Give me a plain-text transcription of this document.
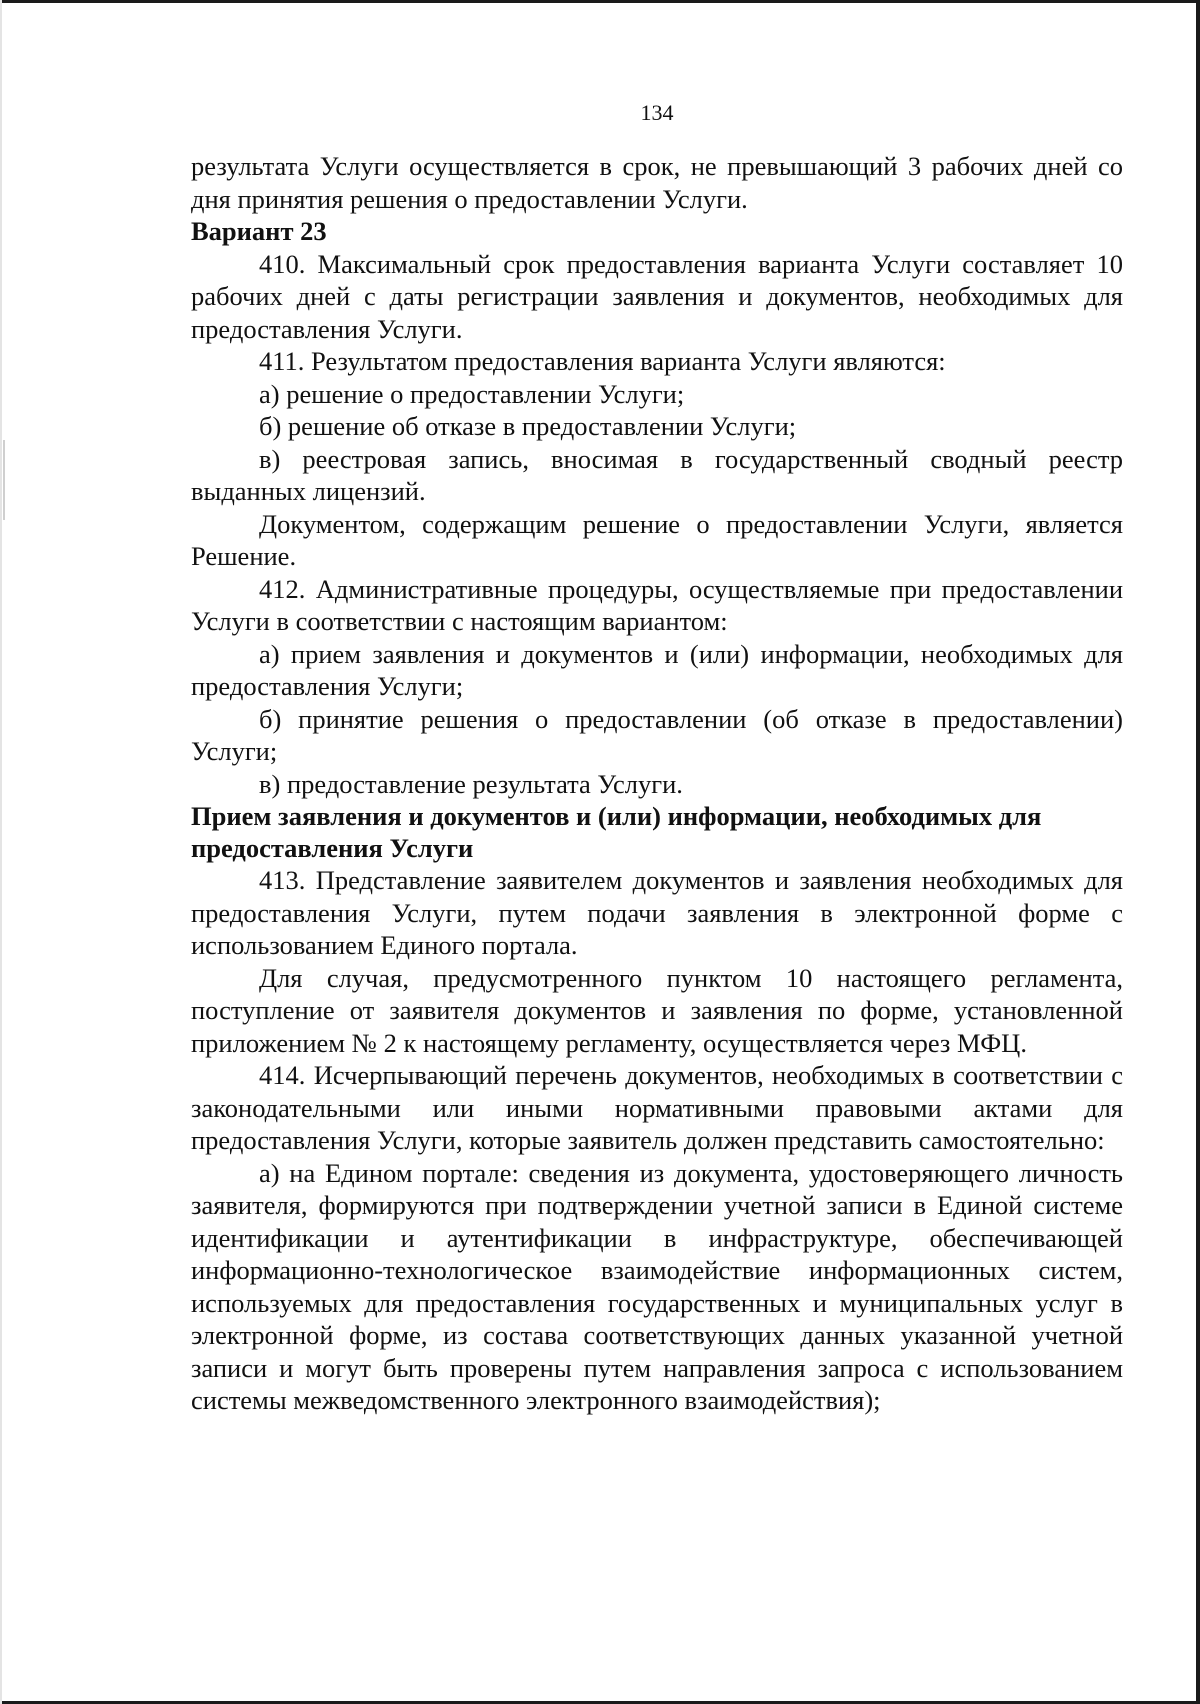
134

результата Услуги осуществляется в срок, не превышающий 3 рабочих дней со дня принятия решения о предоставлении Услуги.

Вариант 23

410. Максимальный срок предоставления варианта Услуги составляет 10 рабочих дней с даты регистрации заявления и документов, необходимых для предоставления Услуги.

411. Результатом предоставления варианта Услуги являются:

а) решение о предоставлении Услуги;

б) решение об отказе в предоставлении Услуги;

в) реестровая запись, вносимая в государственный сводный реестр выданных лицензий.

Документом, содержащим решение о предоставлении Услуги, является Решение.

412. Административные процедуры, осуществляемые при предоставлении Услуги в соответствии с настоящим вариантом:

а) прием заявления и документов и (или) информации, необходимых для предоставления Услуги;

б) принятие решения о предоставлении (об отказе в предоставлении) Услуги;

в) предоставление результата Услуги.

Прием заявления и документов и (или) информации, необходимых для
предоставления Услуги

413. Представление заявителем документов и заявления необходимых для предоставления Услуги, путем подачи заявления в электронной форме с использованием Единого портала.

Для случая, предусмотренного пунктом 10 настоящего регламента, поступление от заявителя документов и заявления по форме, установленной приложением № 2 к настоящему регламенту, осуществляется через МФЦ.

414. Исчерпывающий перечень документов, необходимых в соответствии с законодательными или иными нормативными правовыми актами для предоставления Услуги, которые заявитель должен представить самостоятельно:

а) на Едином портале: сведения из документа, удостоверяющего личность заявителя, формируются при подтверждении учетной записи в Единой системе идентификации и аутентификации в инфраструктуре, обеспечивающей информационно-технологическое взаимодействие информационных систем, используемых для предоставления государственных и муниципальных услуг в электронной форме, из состава соответствующих данных указанной учетной записи и могут быть проверены путем направления запроса с использованием системы межведомственного электронного взаимодействия);
